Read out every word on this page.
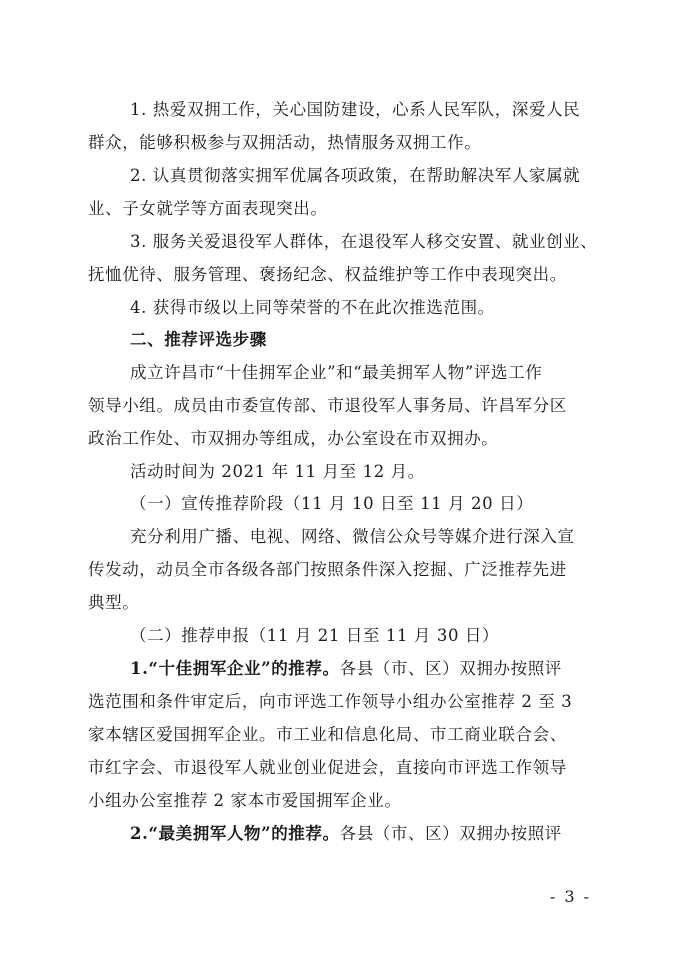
1. 热爱双拥工作，关心国防建设，心系人民军队，深爱人民
群众，能够积极参与双拥活动，热情服务双拥工作。
2. 认真贯彻落实拥军优属各项政策，在帮助解决军人家属就
业、子女就学等方面表现突出。
3. 服务关爱退役军人群体，在退役军人移交安置、就业创业、
抚恤优待、服务管理、褒扬纪念、权益维护等工作中表现突出。
4. 获得市级以上同等荣誉的不在此次推选范围。
二、推荐评选步骤
成立许昌市“十佳拥军企业”和“最美拥军人物”评选工作
领导小组。成员由市委宣传部、市退役军人事务局、许昌军分区
政治工作处、市双拥办等组成，办公室设在市双拥办。
活动时间为 2021 年 11 月至 12 月。
（一）宣传推荐阶段（11 月 10 日至 11 月 20 日）
充分利用广播、电视、网络、微信公众号等媒介进行深入宣
传发动，动员全市各级各部门按照条件深入挖掘、广泛推荐先进
典型。
（二）推荐申报（11 月 21 日至 11 月 30 日）
1.“十佳拥军企业”的推荐。各县（市、区）双拥办按照评
选范围和条件审定后，向市评选工作领导小组办公室推荐 2 至 3
家本辖区爱国拥军企业。市工业和信息化局、市工商业联合会、
市红字会、市退役军人就业创业促进会，直接向市评选工作领导
小组办公室推荐 2 家本市爱国拥军企业。
2.“最美拥军人物”的推荐。各县（市、区）双拥办按照评
- 3 -
